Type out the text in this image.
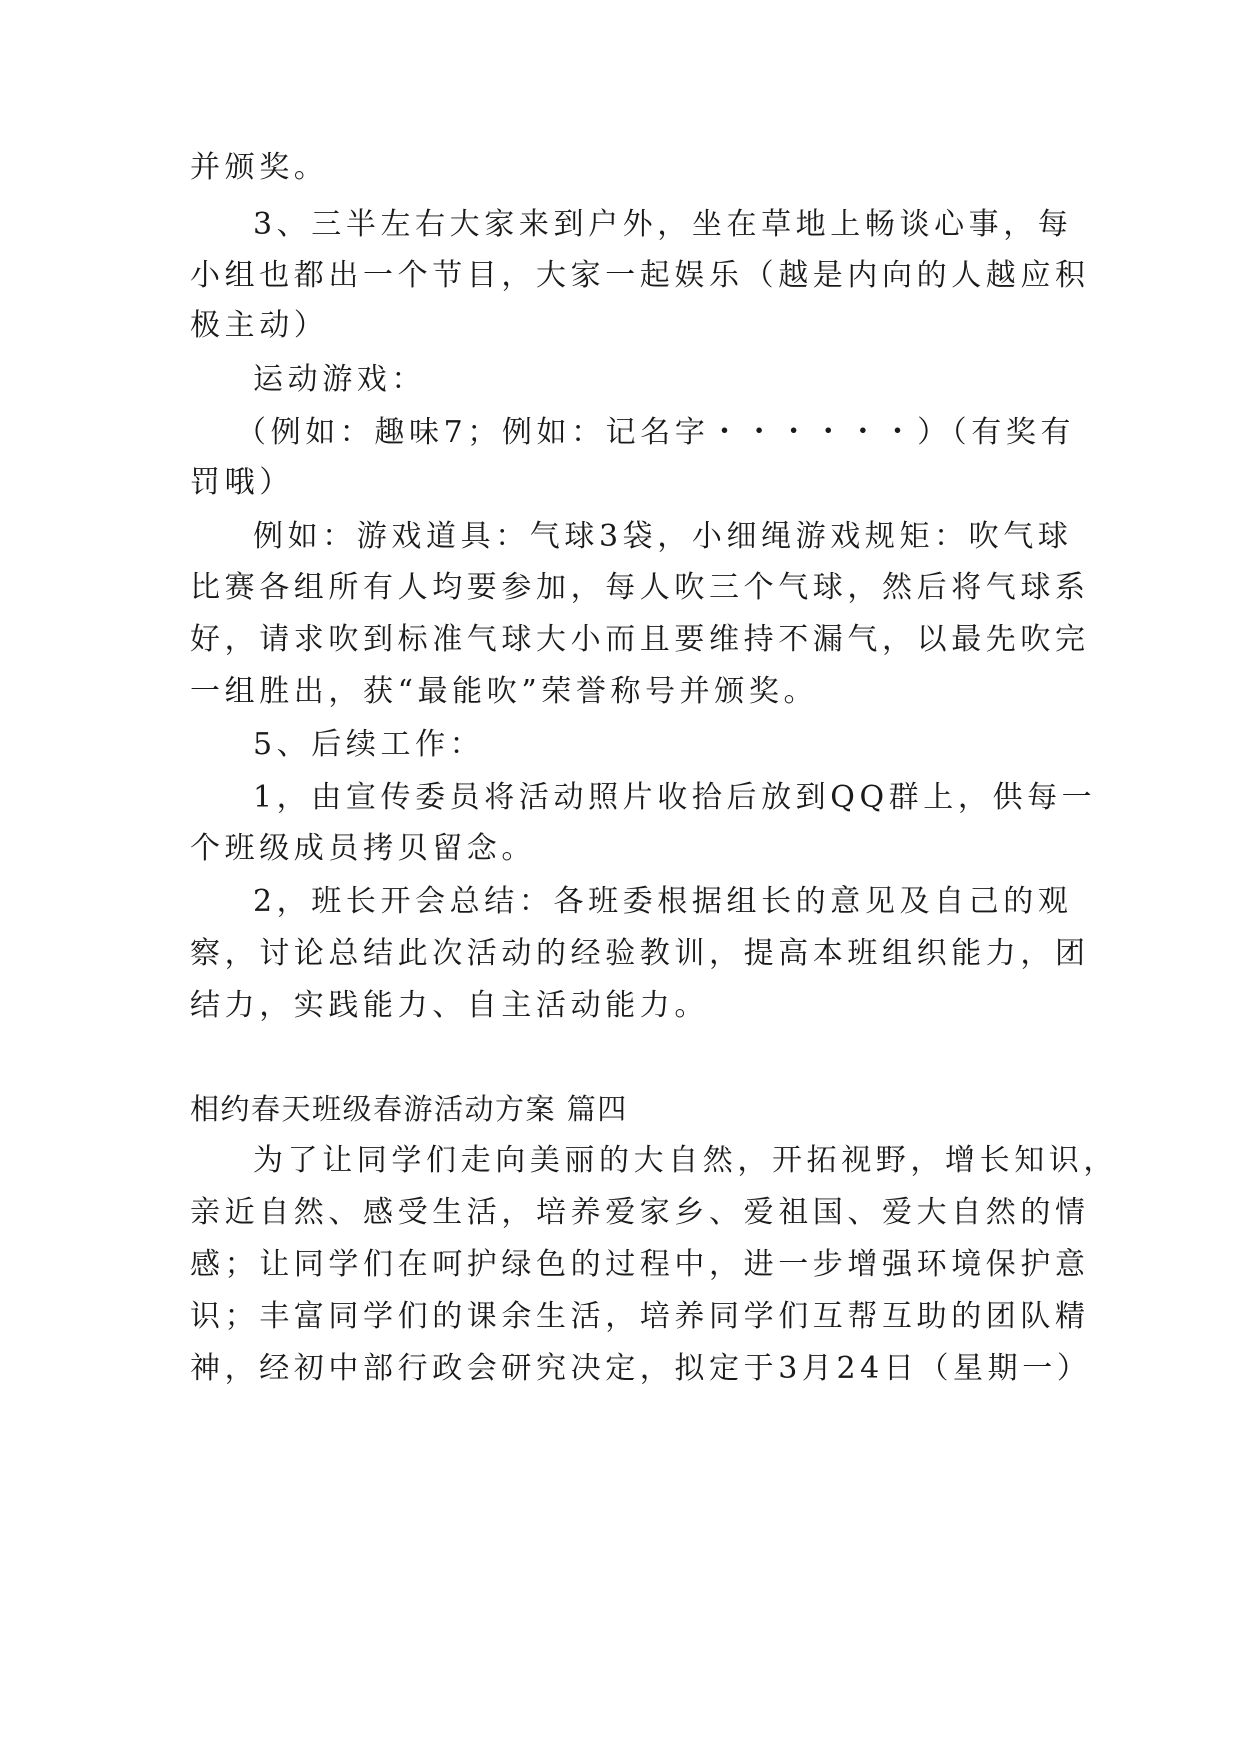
并颁奖。
3、三半左右大家来到户外，坐在草地上畅谈心事，每
小组也都出一个节目，大家一起娱乐（越是内向的人越应积
极主动）
运动游戏：
（例如：趣味7；例如：记名字・・・・・・）（有奖有
罚哦）
例如：游戏道具：气球3袋，小细绳游戏规矩：吹气球
比赛各组所有人均要参加，每人吹三个气球，然后将气球系
好，请求吹到标准气球大小而且要维持不漏气，以最先吹完
一组胜出，获“最能吹”荣誉称号并颁奖。
5、后续工作：
1，由宣传委员将活动照片收拾后放到QQ群上，供每一
个班级成员拷贝留念。
2，班长开会总结：各班委根据组长的意见及自己的观
察，讨论总结此次活动的经验教训，提高本班组织能力，团
结力，实践能力、自主活动能力。
相约春天班级春游活动方案 篇四
为了让同学们走向美丽的大自然，开拓视野，增长知识，
亲近自然、感受生活，培养爱家乡、爱祖国、爱大自然的情
感；让同学们在呵护绿色的过程中，进一步增强环境保护意
识；丰富同学们的课余生活，培养同学们互帮互助的团队精
神，经初中部行政会研究决定，拟定于3月24日（星期一）
